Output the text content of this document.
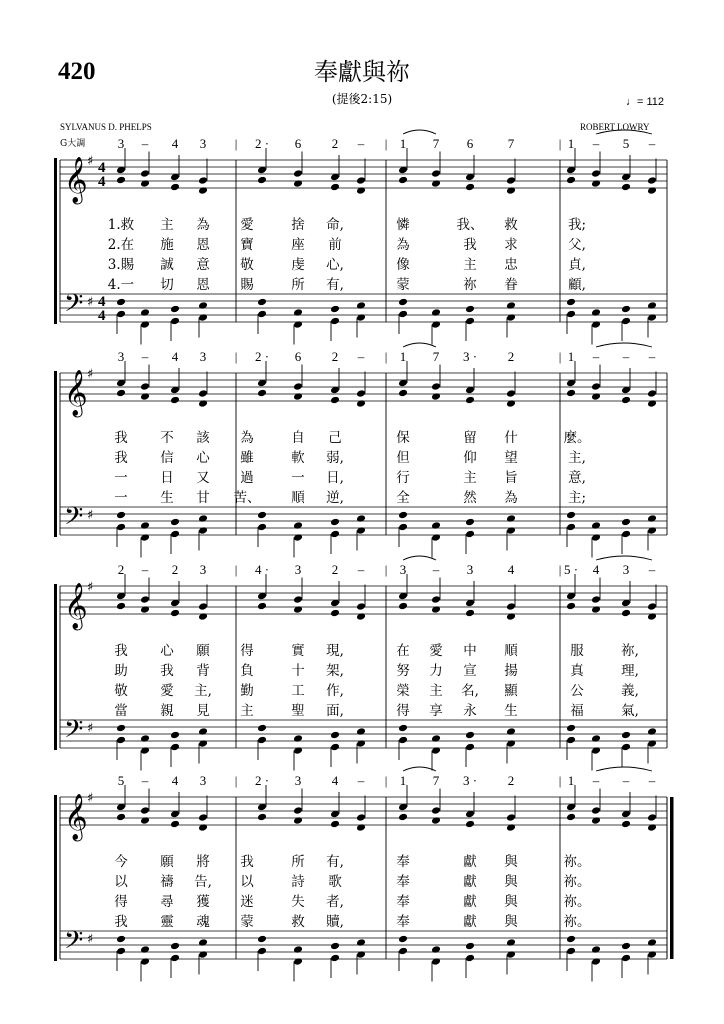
420	奉獻與祢
(提後2:15)	♩= 112
SYLVANUS D. PHELPS
G大調
ROBERT LOWRY
3 – 4 3 | 2 · 6 2 – | 1 7 6	7	| 1 – 5 –
1.救 主 為 愛	捨 命,	憐	我、 救	我;
2.在 施 恩 寶	座 前	為	我 求	父,
3.賜 誠 意 敬	虔 心,	像	主 忠	貞,
4.一 切 恩 賜	所 有,	蒙	祢 眷	顧,
3 – 4 3 | 2 · 6 2 – | 1 7 3 · 2	| 1 – – –
我 不 該 為	自 己	保	留 什	麼。
我 信 心 雖	軟 弱,	但	仰 望	主,
一 日 又 過	一 日,	行	主 旨	意,
一 生 甘 苦、 順 逆,	全	然 為	主;
2 – 2 3 | 4 · 3 2 – | 3 – 3	4	| 5 · 4 3 –
我 心 願 得	實 現,	在 愛 中 順	服	祢,
助 我 背 負	十 架,	努 力 宣 揚	真	理,
敬 愛 主, 勤	工 作,	榮 主 名, 顯	公	義,
當 親 見 主	聖 面,	得 享 永 生	福	氣,
5 – 4 3 | 2 · 3 4 – | 1 7 3 · 2	| 1 – – –
今 願 將 我	所 有,	奉	獻 與	祢。
以 禱 告, 以	詩 歌	奉	獻 與	祢。
得 尋 獲 迷	失 者,	奉	獻 與	祢。
我 靈 魂 蒙	救 贖,	奉	獻 與	祢。
𝄞
𝄢
♯
♯
4
4
4
4
𝄞
𝄢
♯
♯
𝄞
𝄢
♯
♯
𝄞
𝄢
♯
♯
